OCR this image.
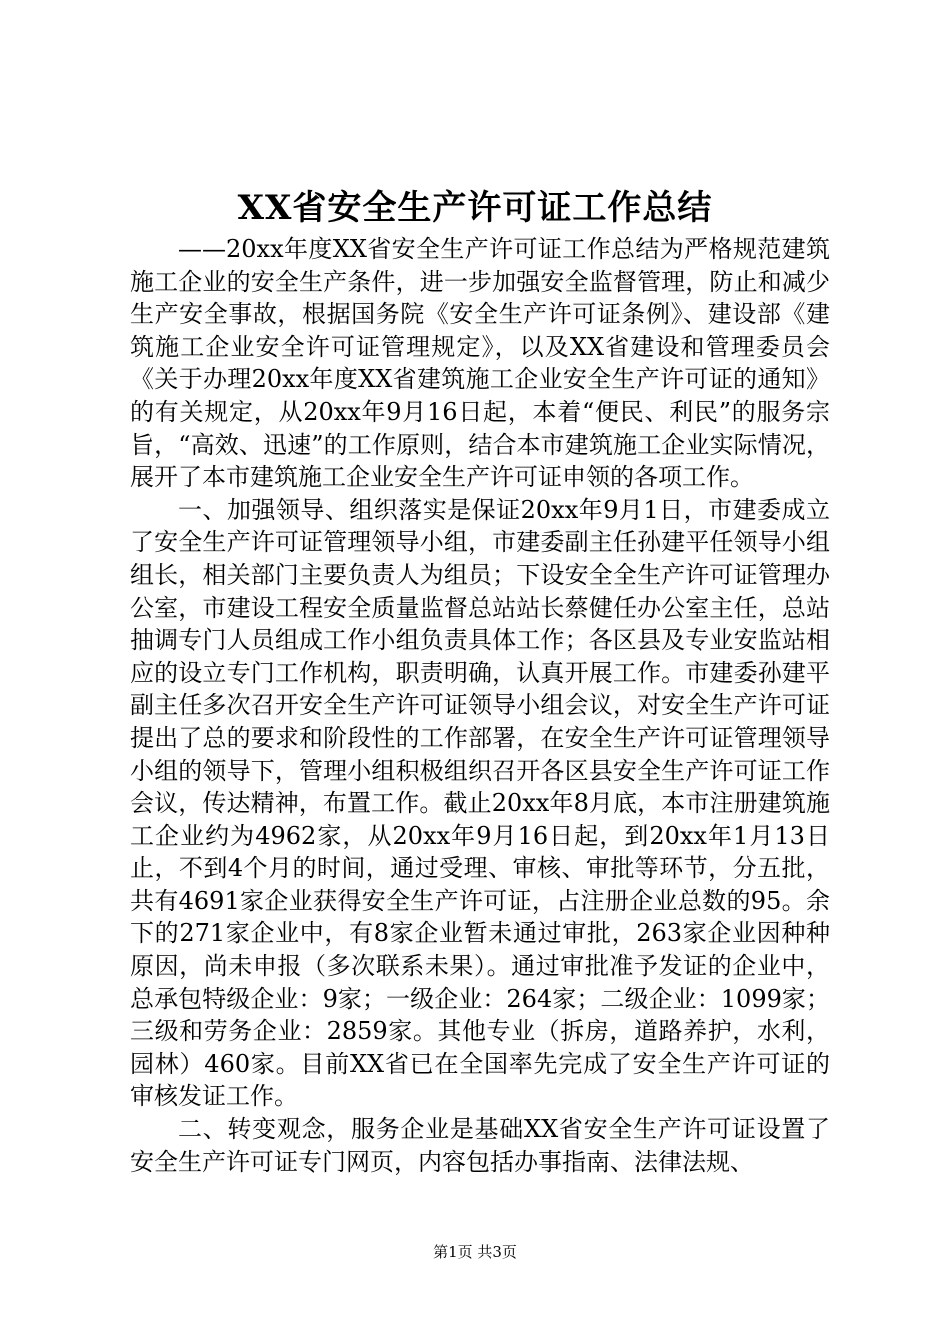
XX省安全生产许可证工作总结

——20xx年度XX省安全生产许可证工作总结为严格规范建筑施工企业的安全生产条件，进一步加强安全监督管理，防止和减少生产安全事故，根据国务院《安全生产许可证条例》、建设部《建筑施工企业安全许可证管理规定》，以及XX省建设和管理委员会《关于办理20xx年度XX省建筑施工企业安全生产许可证的通知》的有关规定，从20xx年9月16日起，本着“便民、利民”的服务宗旨，“高效、迅速”的工作原则，结合本市建筑施工企业实际情况，展开了本市建筑施工企业安全生产许可证申领的各项工作。

一、加强领导、组织落实是保证20xx年9月1日，市建委成立了安全生产许可证管理领导小组，市建委副主任孙建平任领导小组组长，相关部门主要负责人为组员；下设安全全生产许可证管理办公室，市建设工程安全质量监督总站站长蔡健任办公室主任，总站抽调专门人员组成工作小组负责具体工作；各区县及专业安监站相应的设立专门工作机构，职责明确，认真开展工作。市建委孙建平副主任多次召开安全生产许可证领导小组会议，对安全生产许可证提出了总的要求和阶段性的工作部署，在安全生产许可证管理领导小组的领导下，管理小组积极组织召开各区县安全生产许可证工作会议，传达精神，布置工作。截止20xx年8月底，本市注册建筑施工企业约为4962家，从20xx年9月16日起，到20xx年1月13日止，不到4个月的时间，通过受理、审核、审批等环节，分五批，共有4691家企业获得安全生产许可证，占注册企业总数的95。余下的271家企业中，有8家企业暂未通过审批，263家企业因种种原因，尚未申报（多次联系未果）。通过审批准予发证的企业中，总承包特级企业：9家；一级企业：264家；二级企业：1099家；三级和劳务企业：2859家。其他专业（拆房，道路养护，水利，园林）460家。目前XX省已在全国率先完成了安全生产许可证的审核发证工作。

二、转变观念，服务企业是基础XX省安全生产许可证设置了安全生产许可证专门网页，内容包括办事指南、法律法规、

第1页 共3页
